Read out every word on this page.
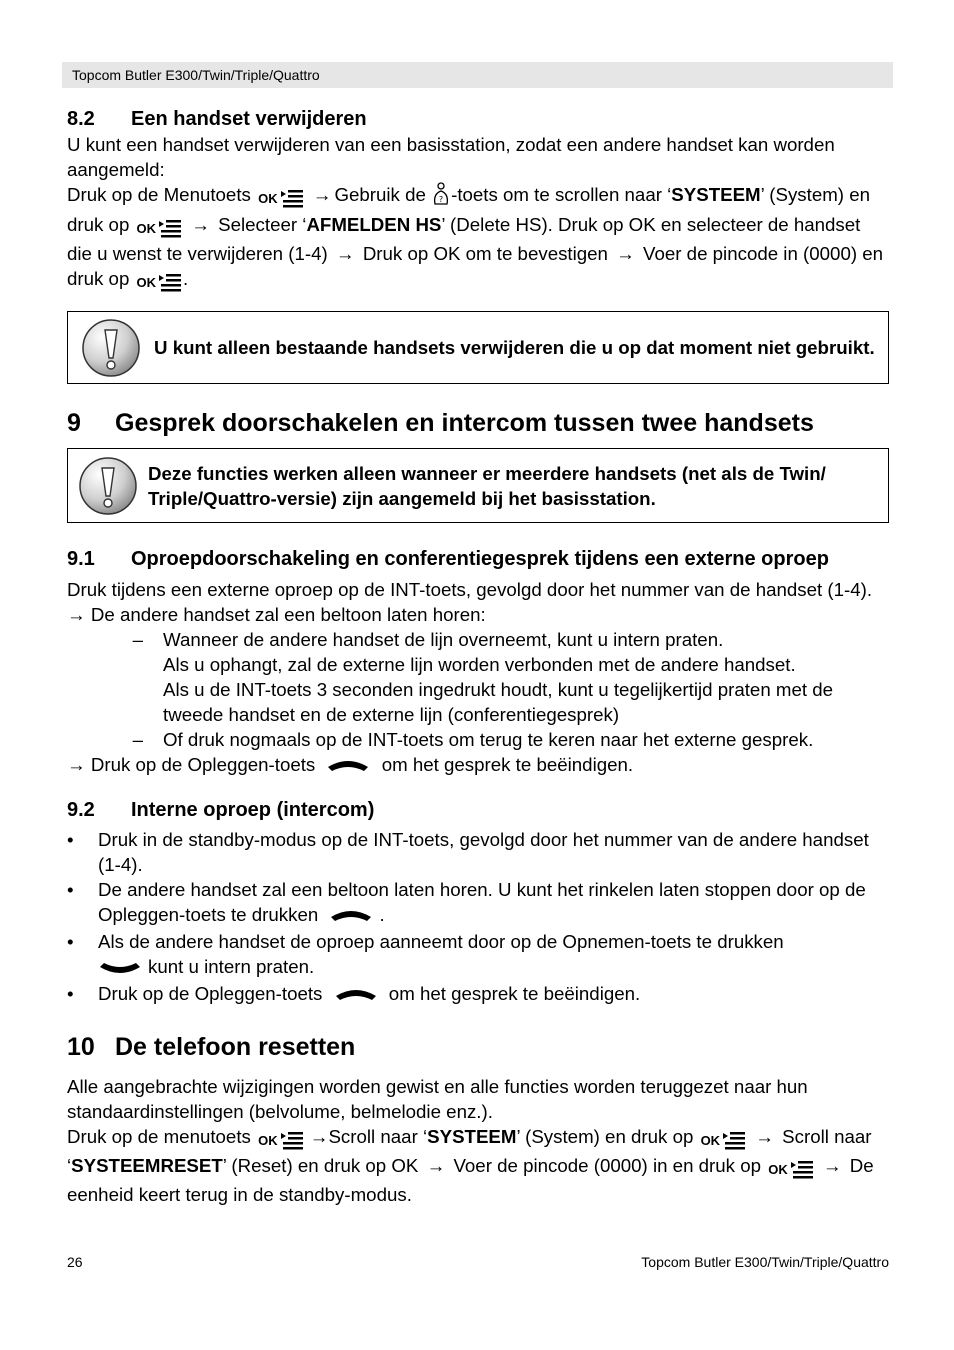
Topcom Butler E300/Twin/Triple/Quattro
8.2	Een handset verwijderen

U kunt een handset verwijderen van een basisstation, zodat een andere handset kan worden aangemeld:

Druk op de Menutoets OK → Gebruik de ? -toets om te scrollen naar ‘SYSTEEM’ (System) en druk op OK → Selecteer ‘AFMELDEN HS’ (Delete HS). Druk op OK en selecteer de handset die u wenst te verwijderen (1-4) → Druk op OK om te bevestigen → Voer de pincode in (0000) en druk op OK .

U kunt alleen bestaande handsets verwijderen die u op dat moment niet gebruikt.
9	Gesprek doorschakelen en intercom tussen twee handsets
Deze functies werken alleen wanneer er meerdere handsets (net als de Twin/ Triple/Quattro-versie) zijn aangemeld bij het basisstation.
9.1	Oproepdoorschakeling en conferentiegesprek tijdens een externe oproep

Druk tijdens een externe oproep op de INT-toets, gevolgd door het nummer van de handset (1-4).

→ De andere handset zal een beltoon laten horen:

–	Wanneer de andere handset de lijn overneemt, kunt u intern praten.
Als u ophangt, zal de externe lijn worden verbonden met de andere handset.
Als u de INT-toets 3 seconden ingedrukt houdt, kunt u tegelijkertijd praten met de tweede handset en de externe lijn (conferentiegesprek)
–	Of druk nogmaals op de INT-toets om terug te keren naar het externe gesprek.

→ Druk op de Opleggen-toets	om het gesprek te beëindigen.

9.2	Interne oproep (intercom)
•	Druk in de standby-modus op de INT-toets, gevolgd door het nummer van de andere handset (1-4).
•	De andere handset zal een beltoon laten horen. U kunt het rinkelen laten stoppen door op de Opleggen-toets te drukken	.
•	Als de andere handset de oproep aanneemt door op de Opnemen-toets te drukken
kunt u intern praten.
•	Druk op de Opleggen-toets	om het gesprek te beëindigen.
10 De telefoon resetten

Alle aangebrachte wijzigingen worden gewist en alle functies worden teruggezet naar hun standaardinstellingen (belvolume, belmelodie enz.).

Druk op de menutoets OK →Scroll naar ‘SYSTEEM’ (System) en druk op OK → Scroll naar ‘SYSTEEMRESET’ (Reset) en druk op OK → Voer de pincode (0000) in en druk op OK → De eenheid keert terug in de standby-modus.

26	Topcom Butler E300/Twin/Triple/Quattro
